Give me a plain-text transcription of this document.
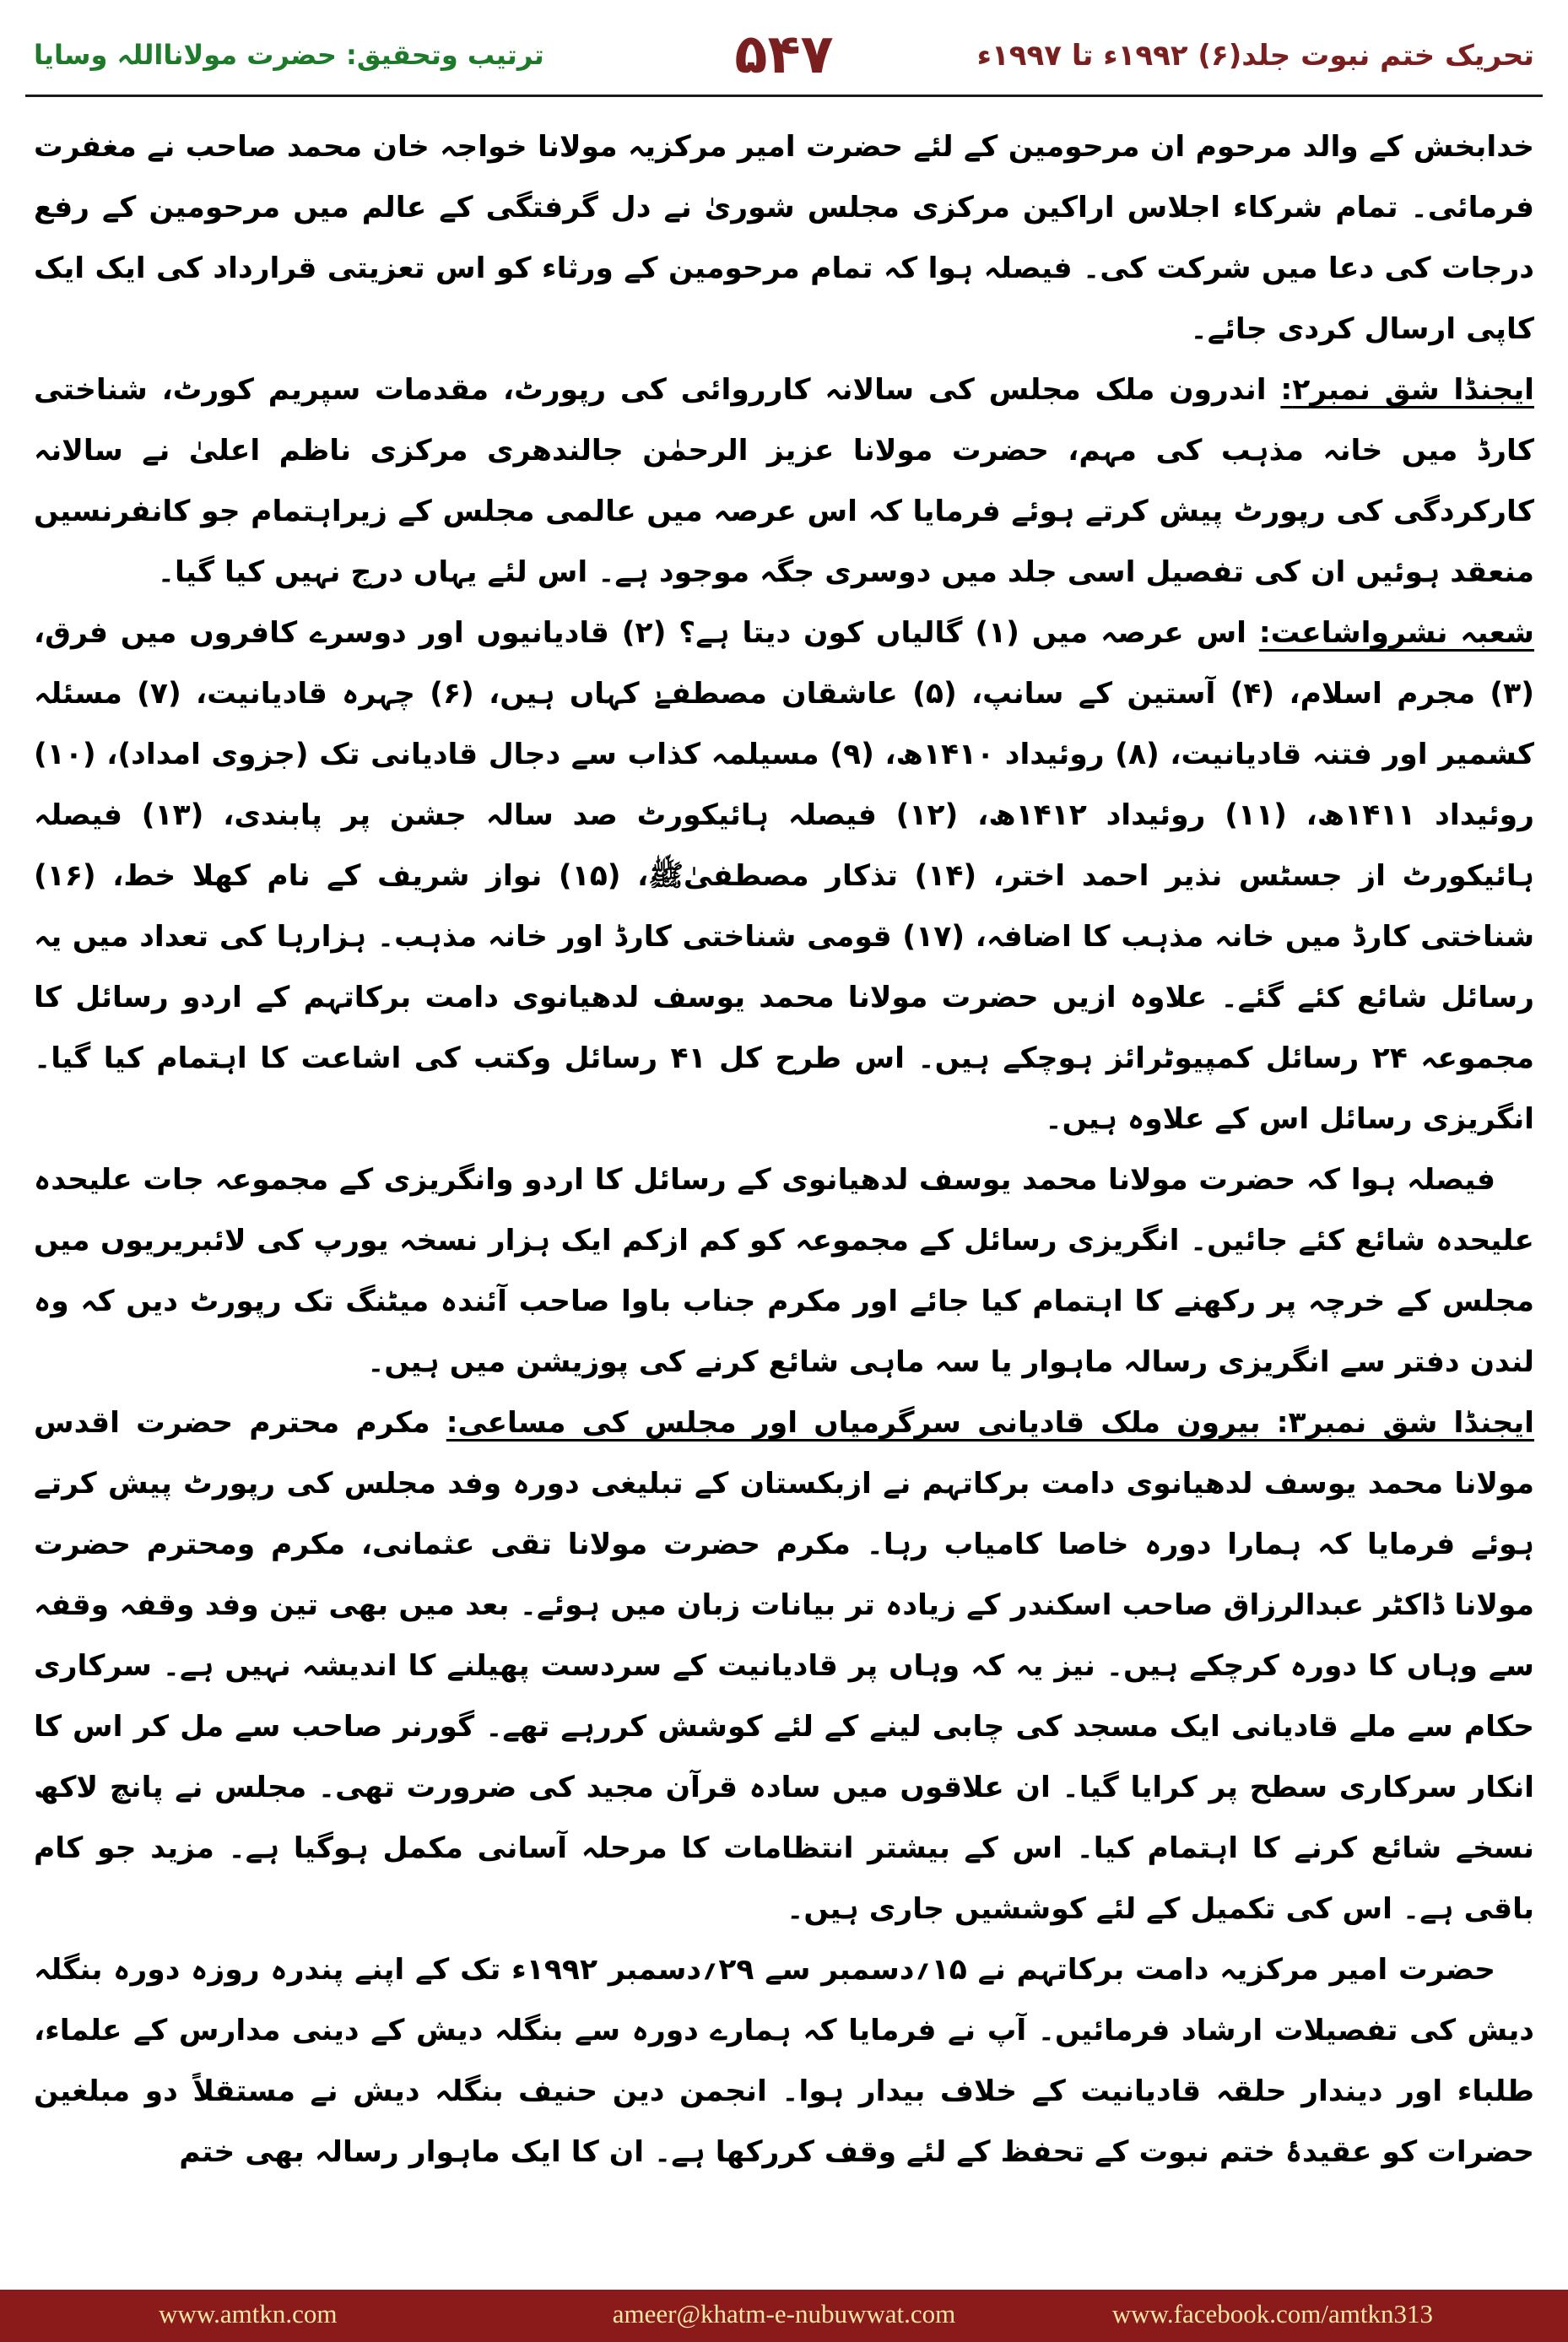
تحریک ختم نبوت جلد(۶) ۱۹۹۲ء تا ۱۹۹۷ء
۵۴۷
ترتیب وتحقیق: حضرت مولانااللہ وسایا

خدابخش کے والد مرحوم ان مرحومین کے لئے حضرت امیر مرکزیہ مولانا خواجہ خان محمد صاحب نے مغفرت فرمائی۔ تمام شرکاء اجلاس اراکین مرکزی مجلس شوریٰ نے دل گرفتگی کے عالم میں مرحومین کے رفع درجات کی دعا میں شرکت کی۔ فیصلہ ہوا کہ تمام مرحومین کے ورثاء کو اس تعزیتی قرارداد کی ایک ایک کاپی ارسال کردی جائے۔

ایجنڈا شق نمبر۲: اندرون ملک مجلس کی سالانہ کارروائی کی رپورٹ، مقدمات سپریم کورٹ، شناختی کارڈ میں خانہ مذہب کی مہم، حضرت مولانا عزیز الرحمٰن جالندھری مرکزی ناظم اعلیٰ نے سالانہ کارکردگی کی رپورٹ پیش کرتے ہوئے فرمایا کہ اس عرصہ میں عالمی مجلس کے زیراہتمام جو کانفرنسیں منعقد ہوئیں ان کی تفصیل اسی جلد میں دوسری جگہ موجود ہے۔ اس لئے یہاں درج نہیں کیا گیا۔

شعبہ نشرواشاعت: اس عرصہ میں (۱) گالیاں کون دیتا ہے؟ (۲) قادیانیوں اور دوسرے کافروں میں فرق، (۳) مجرم اسلام، (۴) آستین کے سانپ، (۵) عاشقان مصطفےٰ کہاں ہیں، (۶) چہرہ قادیانیت، (۷) مسئلہ کشمیر اور فتنہ قادیانیت، (۸) روئیداد ۱۴۱۰ھ، (۹) مسیلمہ کذاب سے دجال قادیانی تک (جزوی امداد)، (۱۰) روئیداد ۱۴۱۱ھ، (۱۱) روئیداد ۱۴۱۲ھ، (۱۲) فیصلہ ہائیکورٹ صد سالہ جشن پر پابندی، (۱۳) فیصلہ ہائیکورٹ از جسٹس نذیر احمد اختر، (۱۴) تذکار مصطفیٰﷺ، (۱۵) نواز شریف کے نام کھلا خط، (۱۶) شناختی کارڈ میں خانہ مذہب کا اضافہ، (۱۷) قومی شناختی کارڈ اور خانہ مذہب۔ ہزارہا کی تعداد میں یہ رسائل شائع کئے گئے۔ علاوہ ازیں حضرت مولانا محمد یوسف لدھیانوی دامت برکاتہم کے اردو رسائل کا مجموعہ ۲۴ رسائل کمپیوٹرائز ہوچکے ہیں۔ اس طرح کل ۴۱ رسائل وکتب کی اشاعت کا اہتمام کیا گیا۔ انگریزی رسائل اس کے علاوہ ہیں۔

فیصلہ ہوا کہ حضرت مولانا محمد یوسف لدھیانوی کے رسائل کا اردو وانگریزی کے مجموعہ جات علیحدہ علیحدہ شائع کئے جائیں۔ انگریزی رسائل کے مجموعہ کو کم ازکم ایک ہزار نسخہ یورپ کی لائبریریوں میں مجلس کے خرچہ پر رکھنے کا اہتمام کیا جائے اور مکرم جناب باوا صاحب آئندہ میٹنگ تک رپورٹ دیں کہ وہ لندن دفتر سے انگریزی رسالہ ماہوار یا سہ ماہی شائع کرنے کی پوزیشن میں ہیں۔

ایجنڈا شق نمبر۳: بیرون ملک قادیانی سرگرمیاں اور مجلس کی مساعی: مکرم محترم حضرت اقدس مولانا محمد یوسف لدھیانوی دامت برکاتہم نے ازبکستان کے تبلیغی دورہ وفد مجلس کی رپورٹ پیش کرتے ہوئے فرمایا کہ ہمارا دورہ خاصا کامیاب رہا۔ مکرم حضرت مولانا تقی عثمانی، مکرم ومحترم حضرت مولانا ڈاکٹر عبدالرزاق صاحب اسکندر کے زیادہ تر بیانات زبان میں ہوئے۔ بعد میں بھی تین وفد وقفہ وقفہ سے وہاں کا دورہ کرچکے ہیں۔ نیز یہ کہ وہاں پر قادیانیت کے سردست پھیلنے کا اندیشہ نہیں ہے۔ سرکاری حکام سے ملے قادیانی ایک مسجد کی چابی لینے کے لئے کوشش کررہے تھے۔ گورنر صاحب سے مل کر اس کا انکار سرکاری سطح پر کرایا گیا۔ ان علاقوں میں سادہ قرآن مجید کی ضرورت تھی۔ مجلس نے پانچ لاکھ نسخے شائع کرنے کا اہتمام کیا۔ اس کے بیشتر انتظامات کا مرحلہ آسانی مکمل ہوگیا ہے۔ مزید جو کام باقی ہے۔ اس کی تکمیل کے لئے کوششیں جاری ہیں۔

حضرت امیر مرکزیہ دامت برکاتہم نے ۱۵؍دسمبر سے ۲۹؍دسمبر ۱۹۹۲ء تک کے اپنے پندرہ روزہ دورہ بنگلہ دیش کی تفصیلات ارشاد فرمائیں۔ آپ نے فرمایا کہ ہمارے دورہ سے بنگلہ دیش کے دینی مدارس کے علماء، طلباء اور دیندار حلقہ قادیانیت کے خلاف بیدار ہوا۔ انجمن دین حنیف بنگلہ دیش نے مستقلاً دو مبلغین حضرات کو عقیدۂ ختم نبوت کے تحفظ کے لئے وقف کررکھا ہے۔ ان کا ایک ماہوار رسالہ بھی ختم

www.amtkn.com	ameer@khatm-e-nubuwwat.com	www.facebook.com/amtkn313
